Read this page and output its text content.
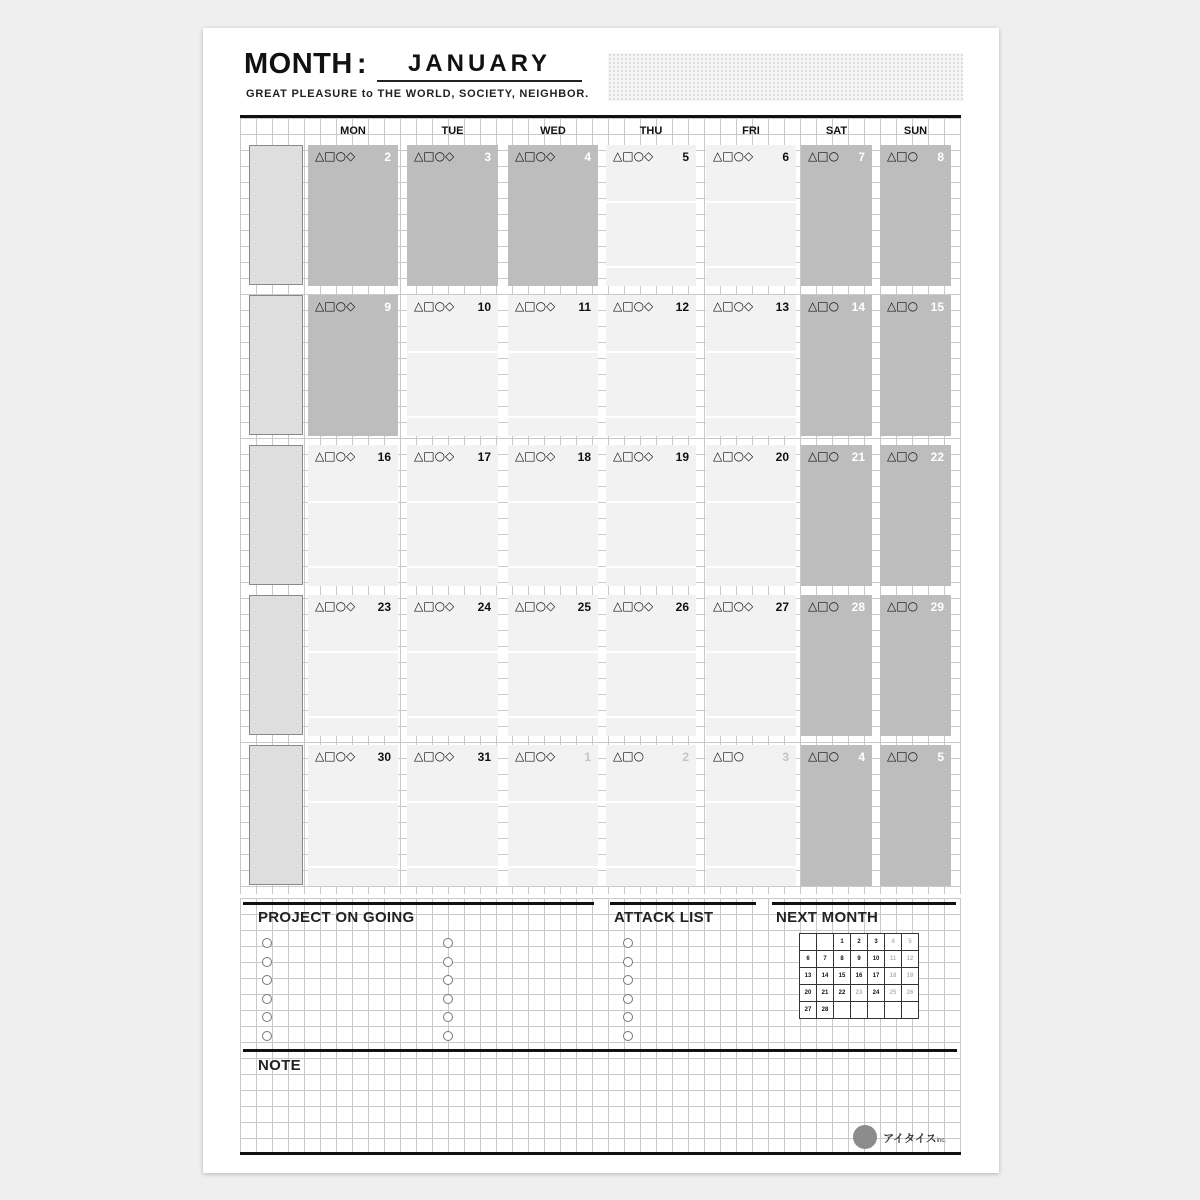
MONTH :	JANUARY
GREAT PLEASURE to THE WORLD, SOCIETY, NEIGHBOR.
MON	TUE	WED	THU	FRI	SAT	SUN
△□○◇ 2 △□○◇	3 △□○◇ 4 △□○◇ 5 △□○◇ 6 △□○ 7 △□○ 8
△□○◇ 9 △□○◇ 10 △□○◇ 11 △□○◇ 12 △□○◇ 13 △□○ 14 △□○ 15
△□○◇ 16 △□○◇ 17 △□○◇ 18 △□○◇ 19 △□○◇ 20 △□○ 21 △□○ 22
△□○◇ 23 △□○◇ 24 △□○◇ 25 △□○◇ 26 △□○◇ 27 △□○ 28 △□○ 29
△□○◇ 30 △□○◇ 31 △□○◇ 1 △□○	2 △□○	3 △□○ 4 △□○ 5
PROJECT ON GOING	ATTACK LIST	NEXT MONTH
		1	2	3	4	5
6	7	8	9	10	11	12
13	14	15	16	17	18	19
20	21	22	23	24	25	26
27	28					
NOTE
アイタイスinc.
